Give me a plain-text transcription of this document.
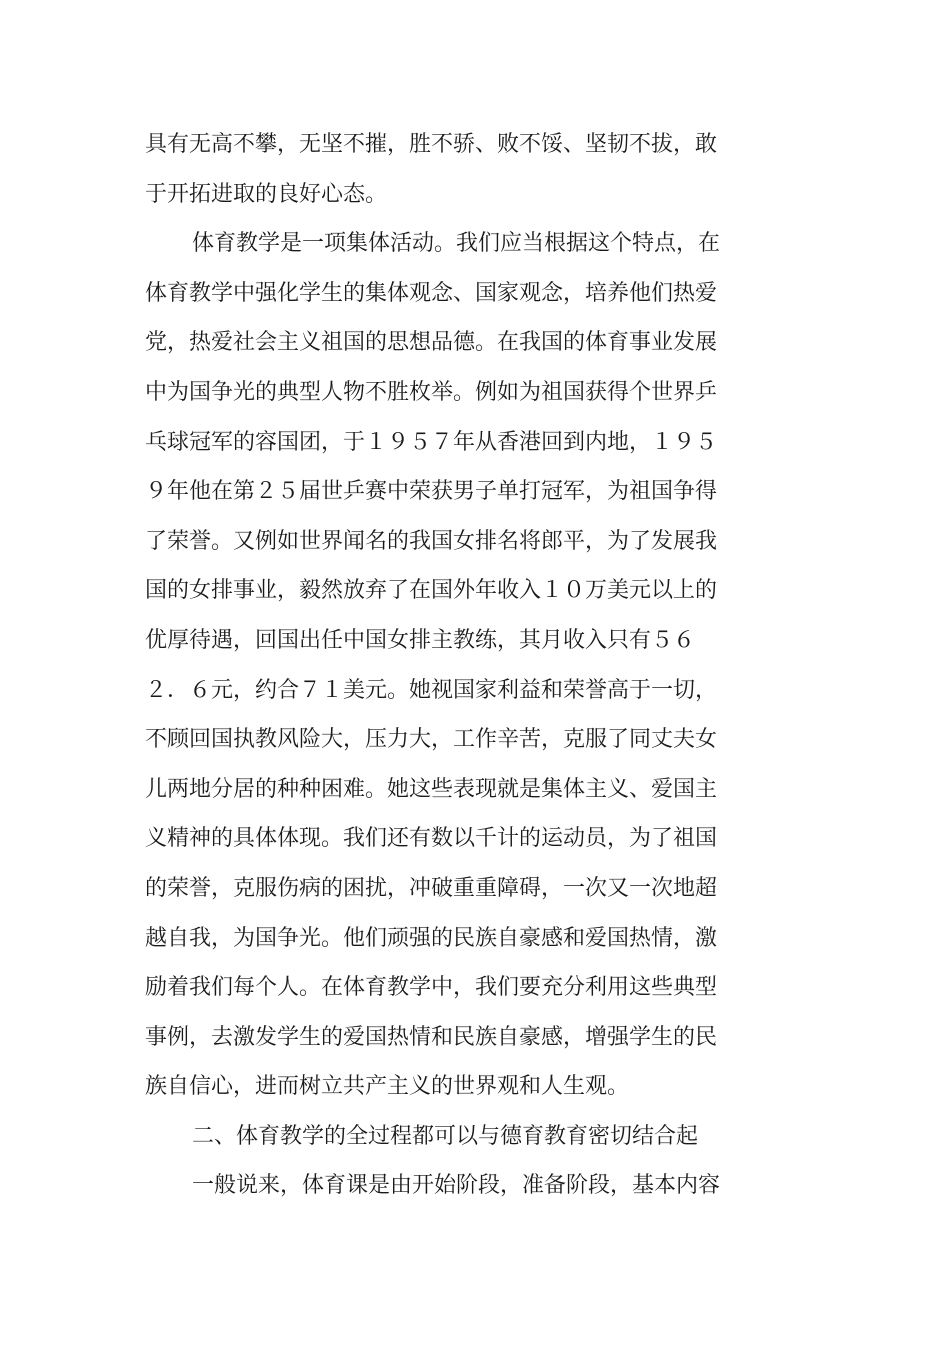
具有无高不攀，无坚不摧，胜不骄、败不馁、坚韧不拔，敢
于开拓进取的良好心态。
体育教学是一项集体活动。我们应当根据这个特点，在
体育教学中强化学生的集体观念、国家观念，培养他们热爱
党，热爱社会主义祖国的思想品德。在我国的体育事业发展
中为国争光的典型人物不胜枚举。例如为祖国获得个世界乒
乓球冠军的容国团，于１９５７年从香港回到内地，１９５
９年他在第２５届世乒赛中荣获男子单打冠军，为祖国争得
了荣誉。又例如世界闻名的我国女排名将郎平，为了发展我
国的女排事业，毅然放弃了在国外年收入１０万美元以上的
优厚待遇，回国出任中国女排主教练，其月收入只有５６
２．６元，约合７１美元。她视国家利益和荣誉高于一切，
不顾回国执教风险大，压力大，工作辛苦，克服了同丈夫女
儿两地分居的种种困难。她这些表现就是集体主义、爱国主
义精神的具体体现。我们还有数以千计的运动员，为了祖国
的荣誉，克服伤病的困扰，冲破重重障碍，一次又一次地超
越自我，为国争光。他们顽强的民族自豪感和爱国热情，激
励着我们每个人。在体育教学中，我们要充分利用这些典型
事例，去激发学生的爱国热情和民族自豪感，增强学生的民
族自信心，进而树立共产主义的世界观和人生观。
二、体育教学的全过程都可以与德育教育密切结合起
一般说来，体育课是由开始阶段，准备阶段，基本内容
